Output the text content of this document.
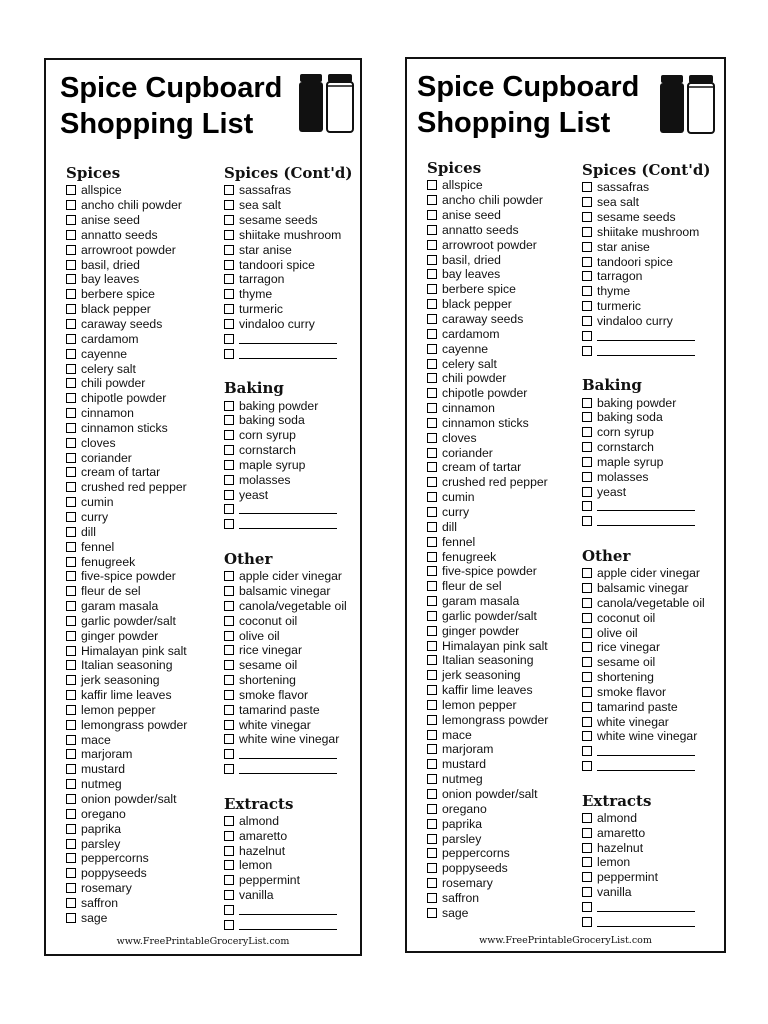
Spice Cupboard
Shopping List
Spices
allspice
ancho chili powder
anise seed
annatto seeds
arrowroot powder
basil, dried
bay leaves
berbere spice
black pepper
caraway seeds
cardamom
cayenne
celery salt
chili powder
chipotle powder
cinnamon
cinnamon sticks
cloves
coriander
cream of tartar
crushed red pepper
cumin
curry
dill
fennel
fenugreek
five-spice powder
fleur de sel
garam masala
garlic powder/salt
ginger powder
Himalayan pink salt
Italian seasoning
jerk seasoning
kaffir lime leaves
lemon pepper
lemongrass powder
mace
marjoram
mustard
nutmeg
onion powder/salt
oregano
paprika
parsley
peppercorns
poppyseeds
rosemary
saffron
sage
Spices (Cont'd)
sassafras
sea salt
sesame seeds
shiitake mushroom
star anise
tandoori spice
tarragon
thyme
turmeric
vindaloo curry
Baking
baking powder
baking soda
corn syrup
cornstarch
maple syrup
molasses
yeast
Other
apple cider vinegar
balsamic vinegar
canola/vegetable oil
coconut oil
olive oil
rice vinegar
sesame oil
shortening
smoke flavor
tamarind paste
white vinegar
white wine vinegar
Extracts
almond
amaretto
hazelnut
lemon
peppermint
vanilla
www.FreePrintableGroceryList.com
Spice Cupboard
Shopping List
Spices
allspice
ancho chili powder
anise seed
annatto seeds
arrowroot powder
basil, dried
bay leaves
berbere spice
black pepper
caraway seeds
cardamom
cayenne
celery salt
chili powder
chipotle powder
cinnamon
cinnamon sticks
cloves
coriander
cream of tartar
crushed red pepper
cumin
curry
dill
fennel
fenugreek
five-spice powder
fleur de sel
garam masala
garlic powder/salt
ginger powder
Himalayan pink salt
Italian seasoning
jerk seasoning
kaffir lime leaves
lemon pepper
lemongrass powder
mace
marjoram
mustard
nutmeg
onion powder/salt
oregano
paprika
parsley
peppercorns
poppyseeds
rosemary
saffron
sage
Spices (Cont'd)
sassafras
sea salt
sesame seeds
shiitake mushroom
star anise
tandoori spice
tarragon
thyme
turmeric
vindaloo curry
Baking
baking powder
baking soda
corn syrup
cornstarch
maple syrup
molasses
yeast
Other
apple cider vinegar
balsamic vinegar
canola/vegetable oil
coconut oil
olive oil
rice vinegar
sesame oil
shortening
smoke flavor
tamarind paste
white vinegar
white wine vinegar
Extracts
almond
amaretto
hazelnut
lemon
peppermint
vanilla
www.FreePrintableGroceryList.com
